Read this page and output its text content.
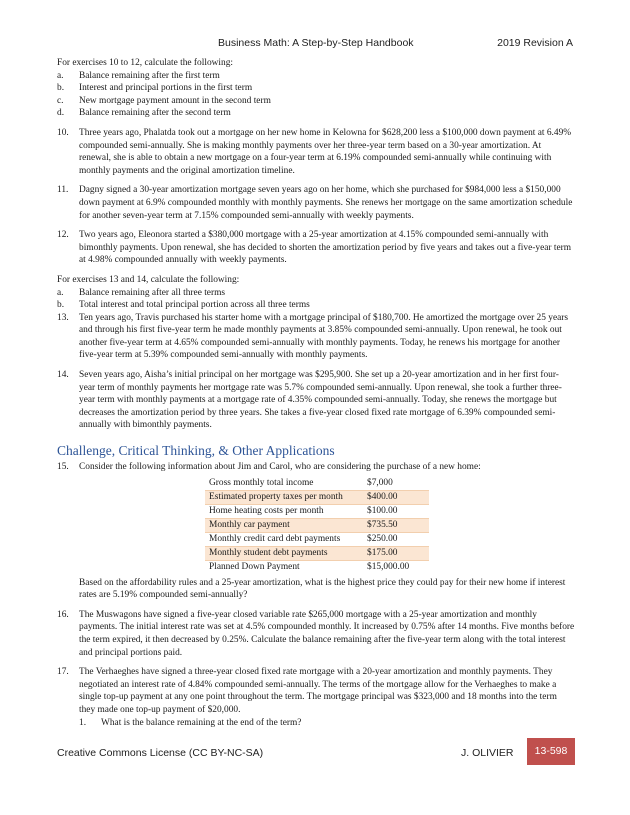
Business Math: A Step-by-Step Handbook	2019 Revision A
For exercises 10 to 12, calculate the following:
a.	Balance remaining after the first term
b.	Interest and principal portions in the first term
c.	New mortgage payment amount in the second term
d.	Balance remaining after the second term
10.	Three years ago, Phalatda took out a mortgage on her new home in Kelowna for $628,200 less a $100,000 down payment at 6.49% compounded semi-annually. She is making monthly payments over her three-year term based on a 30-year amortization. At renewal, she is able to obtain a new mortgage on a four-year term at 6.19% compounded semi-annually while continuing with monthly payments and the original amortization timeline.
11.	Dagny signed a 30-year amortization mortgage seven years ago on her home, which she purchased for $984,000 less a $150,000 down payment at 6.9% compounded monthly with monthly payments. She renews her mortgage on the same amortization schedule for another seven-year term at 7.15% compounded semi-annually with weekly payments.
12.	Two years ago, Eleonora started a $380,000 mortgage with a 25-year amortization at 4.15% compounded semi-annually with bimonthly payments. Upon renewal, she has decided to shorten the amortization period by five years and takes out a five-year term at 4.98% compounded annually with weekly payments.
For exercises 13 and 14, calculate the following:
a.	Balance remaining after all three terms
b.	Total interest and total principal portion across all three terms
13.	Ten years ago, Travis purchased his starter home with a mortgage principal of $180,700. He amortized the mortgage over 25 years and through his first five-year term he made monthly payments at 3.85% compounded semi-annually. Upon renewal, he took out another five-year term at 4.65% compounded semi-annually with monthly payments. Today, he renews his mortgage for another five-year term at 5.39% compounded semi-annually with monthly payments.
14.	Seven years ago, Aisha’s initial principal on her mortgage was $295,900. She set up a 20-year amortization and in her first four-year term of monthly payments her mortgage rate was 5.7% compounded semi-annually. Upon renewal, she took a further three-year term with monthly payments at a mortgage rate of 4.35% compounded semi-annually. Today, she renews the mortgage but decreases the amortization period by three years. She takes a five-year closed fixed rate mortgage of 6.39% compounded semi-annually with bimonthly payments.
Challenge, Critical Thinking, & Other Applications
15.	Consider the following information about Jim and Carol, who are considering the purchase of a new home:
Gross monthly total income	$7,000
Estimated property taxes per month	$400.00
Home heating costs per month	$100.00
Monthly car payment	$735.50
Monthly credit card debt payments	$250.00
Monthly student debt payments	$175.00
Planned Down Payment	$15,000.00
Based on the affordability rules and a 25-year amortization, what is the highest price they could pay for their new home if interest rates are 5.19% compounded semi-annually?
16.	The Muswagons have signed a five-year closed variable rate $265,000 mortgage with a 25-year amortization and monthly payments. The initial interest rate was set at 4.5% compounded monthly. It increased by 0.75% after 14 months. Five months before the term expired, it then decreased by 0.25%. Calculate the balance remaining after the five-year term along with the total interest and principal portions paid.
17.	The Verhaeghes have signed a three-year closed fixed rate mortgage with a 20-year amortization and monthly payments. They negotiated an interest rate of 4.84% compounded semi-annually. The terms of the mortgage allow for the Verhaeghes to make a single top-up payment at any one point throughout the term. The mortgage principal was $323,000 and 18 months into the term they made one top-up payment of $20,000.
1.	What is the balance remaining at the end of the term?
Creative Commons License (CC BY-NC-SA)	J. OLIVIER	13-598
